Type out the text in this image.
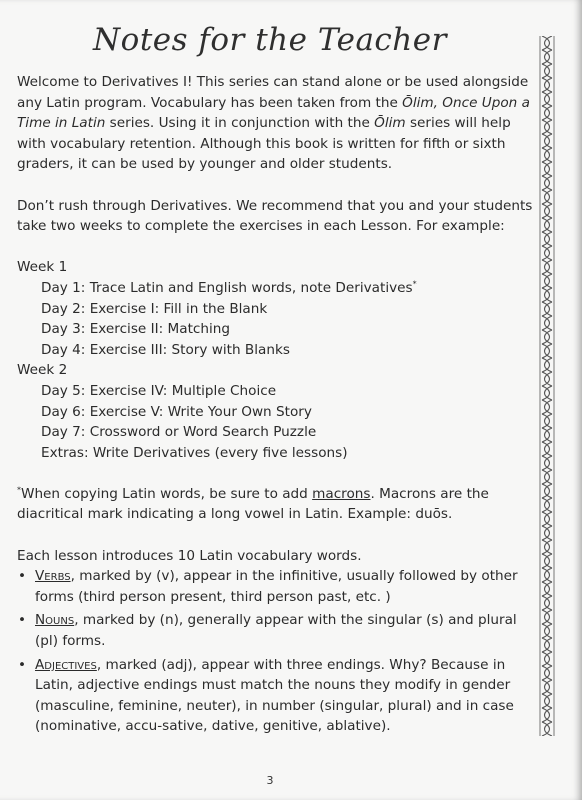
Notes for the Teacher

Welcome to Derivatives I! This series can stand alone or be used alongside any Latin program. Vocabulary has been taken from the Ōlim, Once Upon a Time in Latin series. Using it in conjunction with the Ōlim series will help with vocabulary retention. Although this book is written for fifth or sixth graders, it can be used by younger and older students.

Don’t rush through Derivatives. We recommend that you and your students take two weeks to complete the exercises in each Lesson. For example:

Week 1

Day 1: Trace Latin and English words, note Derivatives*

Day 2: Exercise I: Fill in the Blank

Day 3: Exercise II: Matching

Day 4: Exercise III: Story with Blanks

Week 2

Day 5: Exercise IV: Multiple Choice

Day 6: Exercise V: Write Your Own Story

Day 7: Crossword or Word Search Puzzle

Extras: Write Derivatives (every five lessons)

*When copying Latin words, be sure to add macrons. Macrons are the diacritical mark indicating a long vowel in Latin. Example: duōs.

Each lesson introduces 10 Latin vocabulary words.

• Verbs, marked by (v), appear in the infinitive, usually followed by other forms (third person present, third person past, etc. )
• Nouns, marked by (n), generally appear with the singular (s) and plural (pl) forms.
• Adjectives, marked (adj), appear with three endings. Why? Because in Latin, adjective endings must match the nouns they modify in gender (masculine, feminine, neuter), in number (singular, plural) and in case (nominative, accu-sative, dative, genitive, ablative).
3
